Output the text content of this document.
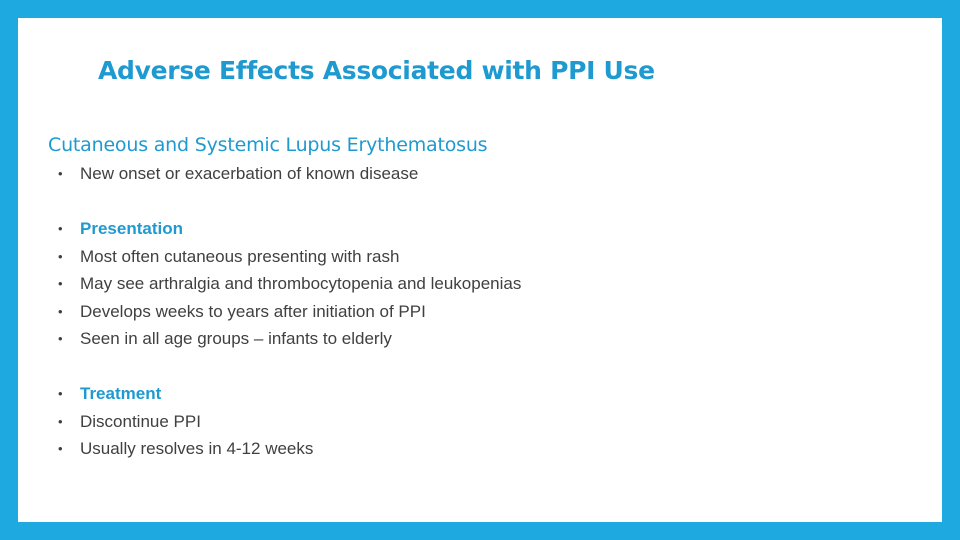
Adverse Effects Associated with PPI Use
Cutaneous and Systemic Lupus Erythematosus
• New onset or exacerbation of known disease
• Presentation
• Most often cutaneous presenting with rash
• May see arthralgia and thrombocytopenia and leukopenias
• Develops weeks to years after initiation of PPI
• Seen in all age groups – infants to elderly
• Treatment
• Discontinue PPI
• Usually resolves in 4-12 weeks
